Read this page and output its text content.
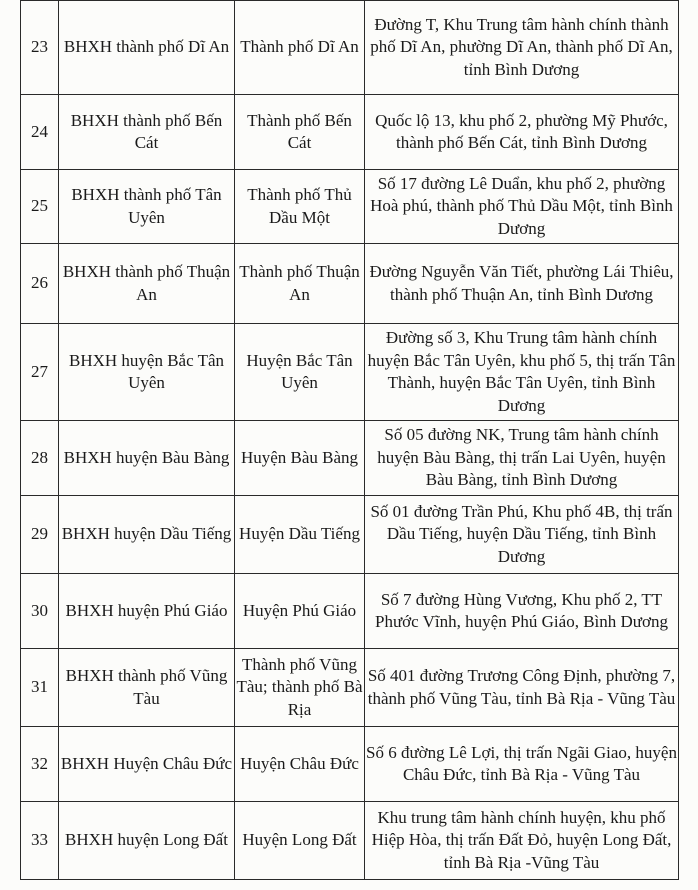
23	BHXH thành phố Dĩ An	Thành phố Dĩ An	Đường T, Khu Trung tâm hành chính thành phố Dĩ An, phường Dĩ An, thành phố Dĩ An, tỉnh Bình Dương
24	BHXH thành phố Bến Cát	Thành phố Bến Cát	Quốc lộ 13, khu phố 2, phường Mỹ Phước, thành phố Bến Cát, tỉnh Bình Dương
25	BHXH thành phố Tân Uyên	Thành phố Thủ Dầu Một	Số 17 đường Lê Duẩn, khu phố 2, phường Hoà phú, thành phố Thủ Dầu Một, tỉnh Bình Dương
26	BHXH thành phố Thuận An	Thành phố Thuận An	Đường Nguyễn Văn Tiết, phường Lái Thiêu, thành phố Thuận An, tỉnh Bình Dương
27	BHXH huyện Bắc Tân Uyên	Huyện Bắc Tân Uyên	Đường số 3, Khu Trung tâm hành chính huyện Bắc Tân Uyên, khu phố 5, thị trấn Tân Thành, huyện Bắc Tân Uyên, tỉnh Bình Dương
28	BHXH huyện Bàu Bàng	Huyện Bàu Bàng	Số 05 đường NK, Trung tâm hành chính huyện Bàu Bàng, thị trấn Lai Uyên, huyện Bàu Bàng, tỉnh Bình Dương
29	BHXH huyện Dầu Tiếng	Huyện Dầu Tiếng	Số 01 đường Trần Phú, Khu phố 4B, thị trấn Dầu Tiếng, huyện Dầu Tiếng, tỉnh Bình Dương
30	BHXH huyện Phú Giáo	Huyện Phú Giáo	Số 7 đường Hùng Vương, Khu phố 2, TT Phước Vĩnh, huyện Phú Giáo, Bình Dương
31	BHXH thành phố Vũng Tàu	Thành phố Vũng Tàu; thành phố Bà Rịa	Số 401 đường Trương Công Định, phường 7, thành phố Vũng Tàu, tỉnh Bà Rịa - Vũng Tàu
32	BHXH Huyện Châu Đức	Huyện Châu Đức	Số 6 đường Lê Lợi, thị trấn Ngãi Giao, huyện Châu Đức, tỉnh Bà Rịa - Vũng Tàu
33	BHXH huyện Long Đất	Huyện Long Đất	Khu trung tâm hành chính huyện, khu phố Hiệp Hòa, thị trấn Đất Đỏ, huyện Long Đất, tỉnh Bà Rịa -Vũng Tàu
